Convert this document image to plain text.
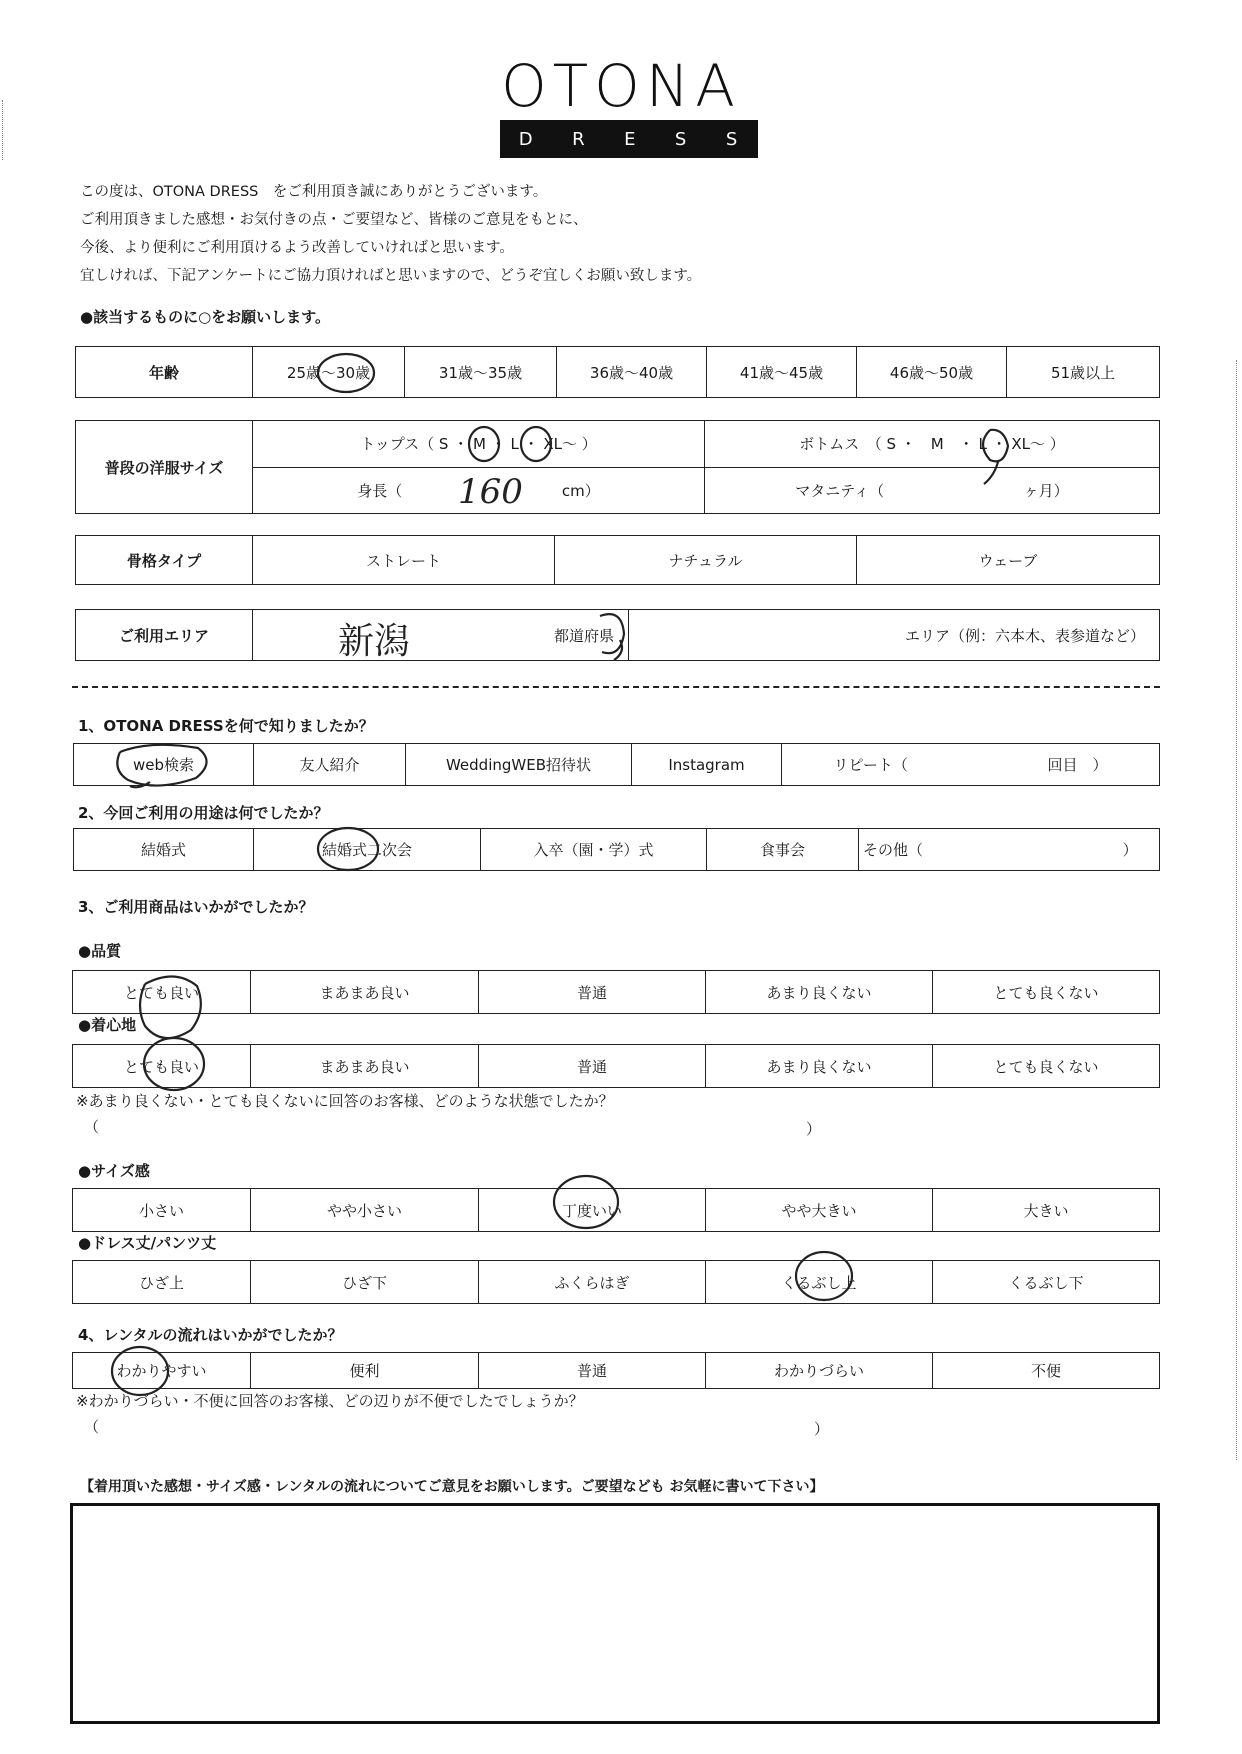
OTONA
D R E S S
この度は、OTONA DRESS　をご利用頂き誠にありがとうございます。
ご利用頂きました感想・お気付きの点・ご要望など、皆様のご意見をもとに、
今後、より便利にご利用頂けるよう改善していければと思います。
宜しければ、下記アンケートにご協力頂ければと思いますので、どうぞ宜しくお願い致します。
●該当するものに○をお願いします。
年齢	25歳～30歳	31歳～35歳	36歳～40歳	41歳～45歳	46歳～50歳	51歳以上
普段の洋服サイズ	トップス（ S ・ M ・ L ・ XL～ ）	ボトムス　（ S ・　M　・ L ・ XL～ ）
	身長（ cm）	マタニティ（ ヶ月）
骨格タイプ	ストレート	ナチュラル	ウェーブ
ご利用エリア	都道府県	エリア（例：六本木、表参道など）
1、OTONA DRESSを何で知りましたか？
web検索	友人紹介	WeddingWEB招待状	Instagram	リピート（	回目　）
2、今回ご利用の用途は何でしたか？
結婚式	結婚式二次会	入卒（園・学）式	食事会	その他（	）
3、ご利用商品はいかがでしたか？
●品質
とても良い	まあまあ良い	普通	あまり良くない	とても良くない
●着心地
とても良い	まあまあ良い	普通	あまり良くない	とても良くない
※あまり良くない・とても良くないに回答のお客様、どのような状態でしたか？
（	）
●サイズ感
小さい	やや小さい	丁度いい	やや大きい	大きい
●ドレス丈/パンツ丈
ひざ上	ひざ下	ふくらはぎ	くるぶし上	くるぶし下
4、レンタルの流れはいかがでしたか？
わかりやすい	便利	普通	わかりづらい	不便
※わかりづらい・不便に回答のお客様、どの辺りが不便でしたでしょうか？
（	）
【着用頂いた感想・サイズ感・レンタルの流れについてご意見をお願いします。ご要望なども お気軽に書いて下さい】
160
新潟
